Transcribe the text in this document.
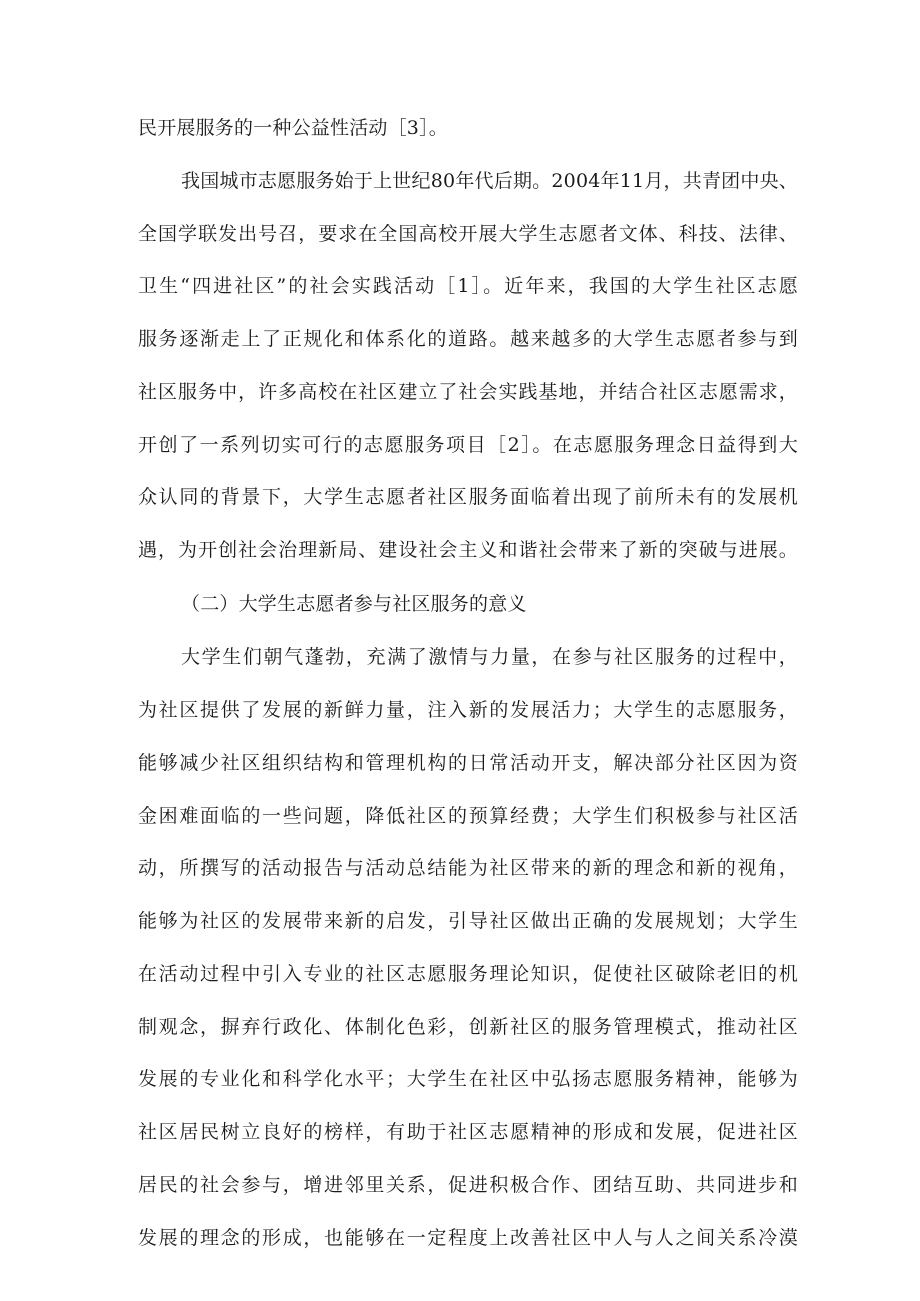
民开展服务的一种公益性活动［3］。
我国城市志愿服务始于上世纪80年代后期。2004年11月，共青团中央、
全国学联发出号召，要求在全国高校开展大学生志愿者文体、科技、法律、
卫生“四进社区”的社会实践活动［1］。近年来，我国的大学生社区志愿
服务逐渐走上了正规化和体系化的道路。越来越多的大学生志愿者参与到
社区服务中，许多高校在社区建立了社会实践基地，并结合社区志愿需求，
开创了一系列切实可行的志愿服务项目［2］。在志愿服务理念日益得到大
众认同的背景下，大学生志愿者社区服务面临着出现了前所未有的发展机
遇，为开创社会治理新局、建设社会主义和谐社会带来了新的突破与进展。
（二）大学生志愿者参与社区服务的意义
大学生们朝气蓬勃，充满了激情与力量，在参与社区服务的过程中，
为社区提供了发展的新鲜力量，注入新的发展活力；大学生的志愿服务，
能够减少社区组织结构和管理机构的日常活动开支，解决部分社区因为资
金困难面临的一些问题，降低社区的预算经费；大学生们积极参与社区活
动，所撰写的活动报告与活动总结能为社区带来的新的理念和新的视角，
能够为社区的发展带来新的启发，引导社区做出正确的发展规划；大学生
在活动过程中引入专业的社区志愿服务理论知识，促使社区破除老旧的机
制观念，摒弃行政化、体制化色彩，创新社区的服务管理模式，推动社区
发展的专业化和科学化水平；大学生在社区中弘扬志愿服务精神，能够为
社区居民树立良好的榜样，有助于社区志愿精神的形成和发展，促进社区
居民的社会参与，增进邻里关系，促进积极合作、团结互助、共同进步和
发展的理念的形成，也能够在一定程度上改善社区中人与人之间关系冷漠
